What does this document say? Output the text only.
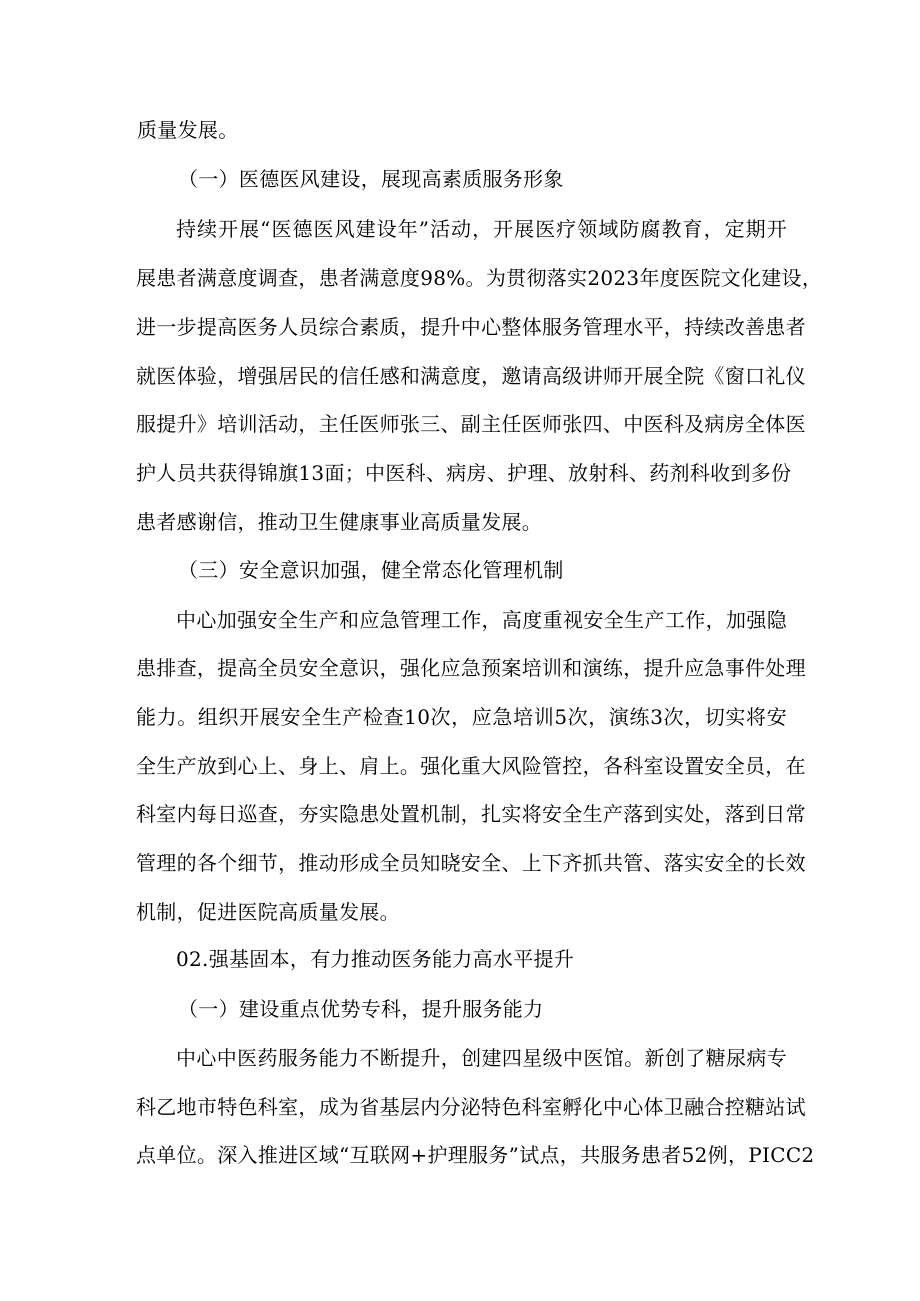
质量发展。
（一）医德医风建设，展现高素质服务形象
持续开展“医德医风建设年”活动，开展医疗领域防腐教育，定期开
展患者满意度调查，患者满意度98%。为贯彻落实2023年度医院文化建设，
进一步提高医务人员综合素质，提升中心整体服务管理水平，持续改善患者
就医体验，增强居民的信任感和满意度，邀请高级讲师开展全院《窗口礼仪
服提升》培训活动，主任医师张三、副主任医师张四、中医科及病房全体医
护人员共获得锦旗13面；中医科、病房、护理、放射科、药剂科收到多份
患者感谢信，推动卫生健康事业高质量发展。
（三）安全意识加强，健全常态化管理机制
中心加强安全生产和应急管理工作，高度重视安全生产工作，加强隐
患排查，提高全员安全意识，强化应急预案培训和演练，提升应急事件处理
能力。组织开展安全生产检查10次，应急培训5次，演练3次，切实将安
全生产放到心上、身上、肩上。强化重大风险管控，各科室设置安全员，在
科室内每日巡查，夯实隐患处置机制，扎实将安全生产落到实处，落到日常
管理的各个细节，推动形成全员知晓安全、上下齐抓共管、落实安全的长效
机制，促进医院高质量发展。
02.强基固本，有力推动医务能力高水平提升
（一）建设重点优势专科，提升服务能力
中心中医药服务能力不断提升，创建四星级中医馆。新创了糖尿病专
科乙地市特色科室，成为省基层内分泌特色科室孵化中心体卫融合控糖站试
点单位。深入推进区域“互联网+护理服务”试点，共服务患者52例，PICC2
